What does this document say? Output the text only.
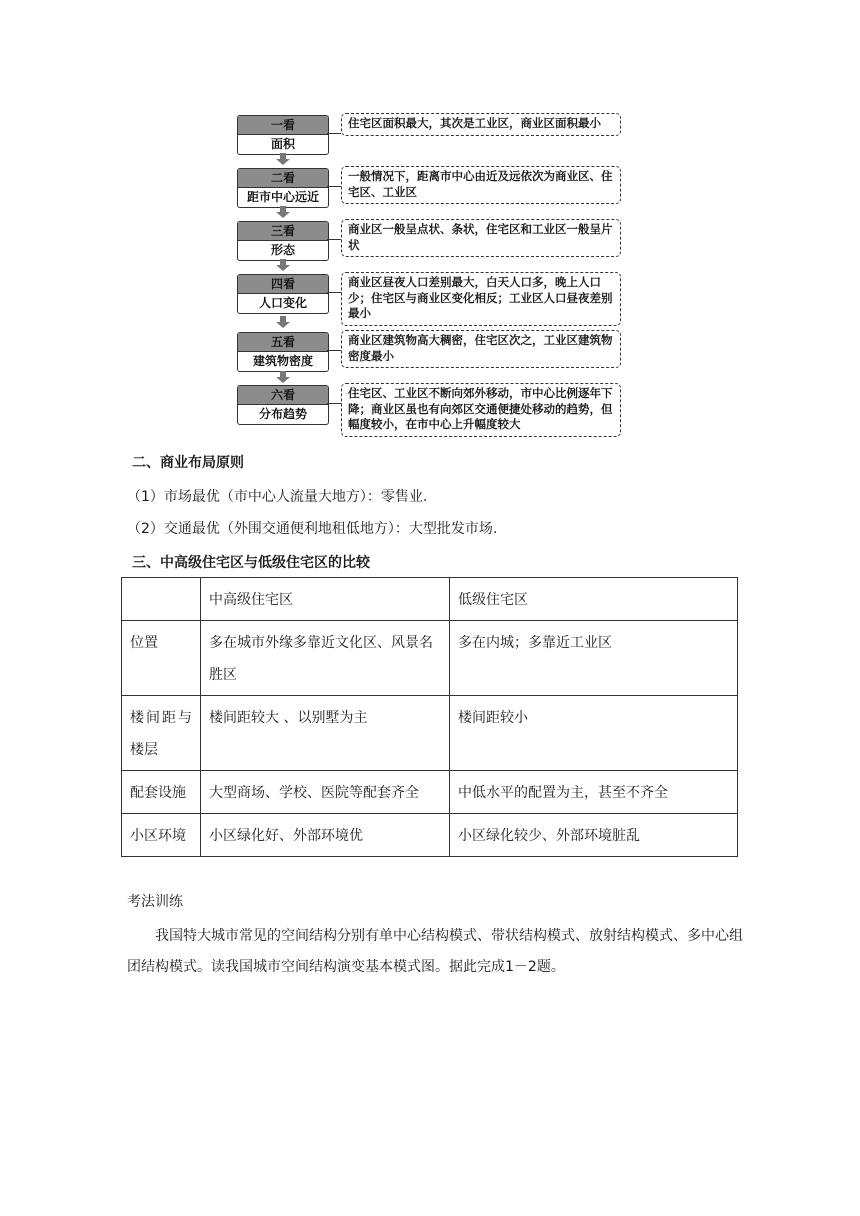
一看
面积
住宅区面积最大，其次是工业区，商业区面积最小
二看
距市中心远近
一般情况下，距离市中心由近及远依次为商业区、住宅区、工业区
三看
形态
商业区一般呈点状、条状，住宅区和工业区一般呈片状
四看
人口变化
商业区昼夜人口差别最大，白天人口多，晚上人口少；住宅区与商业区变化相反；工业区人口昼夜差别最小
五看
建筑物密度
商业区建筑物高大稠密，住宅区次之，工业区建筑物密度最小
六看
分布趋势
住宅区、工业区不断向郊外移动，市中心比例逐年下降；商业区虽也有向郊区交通便捷处移动的趋势，但幅度较小，在市中心上升幅度较大
二、商业布局原则
（1）市场最优（市中心人流量大地方）：零售业.
（2）交通最优（外围交通便利地租低地方）：大型批发市场.
三、中高级住宅区与低级住宅区的比较
	中高级住宅区	低级住宅区
位置	多在城市外缘多靠近文化区、风景名胜区	多在内城；多靠近工业区
楼间距与楼层	楼间距较大 、以别墅为主	楼间距较小
配套设施	大型商场、学校、医院等配套齐全	中低水平的配置为主，甚至不齐全
小区环境	小区绿化好、外部环境优	小区绿化较少、外部环境脏乱
考法训练
我国特大城市常见的空间结构分别有单中心结构模式、带状结构模式、放射结构模式、多中心组团结构模式。读我国城市空间结构演变基本模式图。据此完成1－2题。
